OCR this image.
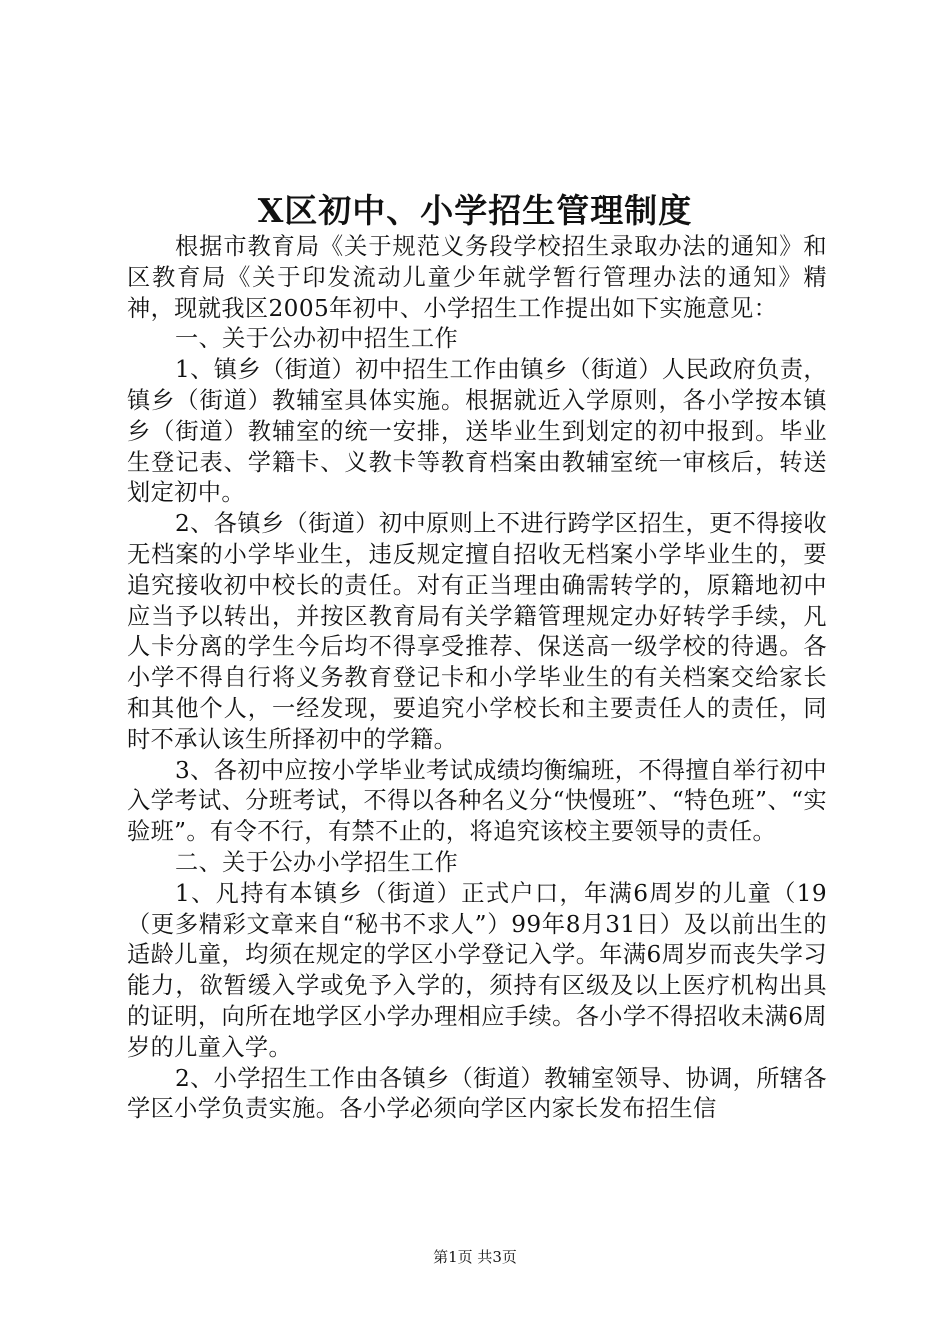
X区初中、小学招生管理制度

根据市教育局《关于规范义务段学校招生录取办法的通知》和区教育局《关于印发流动儿童少年就学暂行管理办法的通知》精神，现就我区2005年初中、小学招生工作提出如下实施意见：

一、关于公办初中招生工作

1、镇乡（街道）初中招生工作由镇乡（街道）人民政府负责，镇乡（街道）教辅室具体实施。根据就近入学原则，各小学按本镇乡（街道）教辅室的统一安排，送毕业生到划定的初中报到。毕业生登记表、学籍卡、义教卡等教育档案由教辅室统一审核后，转送划定初中。

2、各镇乡（街道）初中原则上不进行跨学区招生，更不得接收无档案的小学毕业生，违反规定擅自招收无档案小学毕业生的，要追究接收初中校长的责任。对有正当理由确需转学的，原籍地初中应当予以转出，并按区教育局有关学籍管理规定办好转学手续，凡人卡分离的学生今后均不得享受推荐、保送高一级学校的待遇。各小学不得自行将义务教育登记卡和小学毕业生的有关档案交给家长和其他个人，一经发现，要追究小学校长和主要责任人的责任，同时不承认该生所择初中的学籍。

3、各初中应按小学毕业考试成绩均衡编班，不得擅自举行初中入学考试、分班考试，不得以各种名义分“快慢班”、“特色班”、“实验班”。有令不行，有禁不止的，将追究该校主要领导的责任。

二、关于公办小学招生工作

1、凡持有本镇乡（街道）正式户口，年满6周岁的儿童（19（更多精彩文章来自“秘书不求人”）99年8月31日）及以前出生的适龄儿童，均须在规定的学区小学登记入学。年满6周岁而丧失学习能力，欲暂缓入学或免予入学的，须持有区级及以上医疗机构出具的证明，向所在地学区小学办理相应手续。各小学不得招收未满6周岁的儿童入学。

2、小学招生工作由各镇乡（街道）教辅室领导、协调，所辖各学区小学负责实施。各小学必须向学区内家长发布招生信

第1页 共3页
